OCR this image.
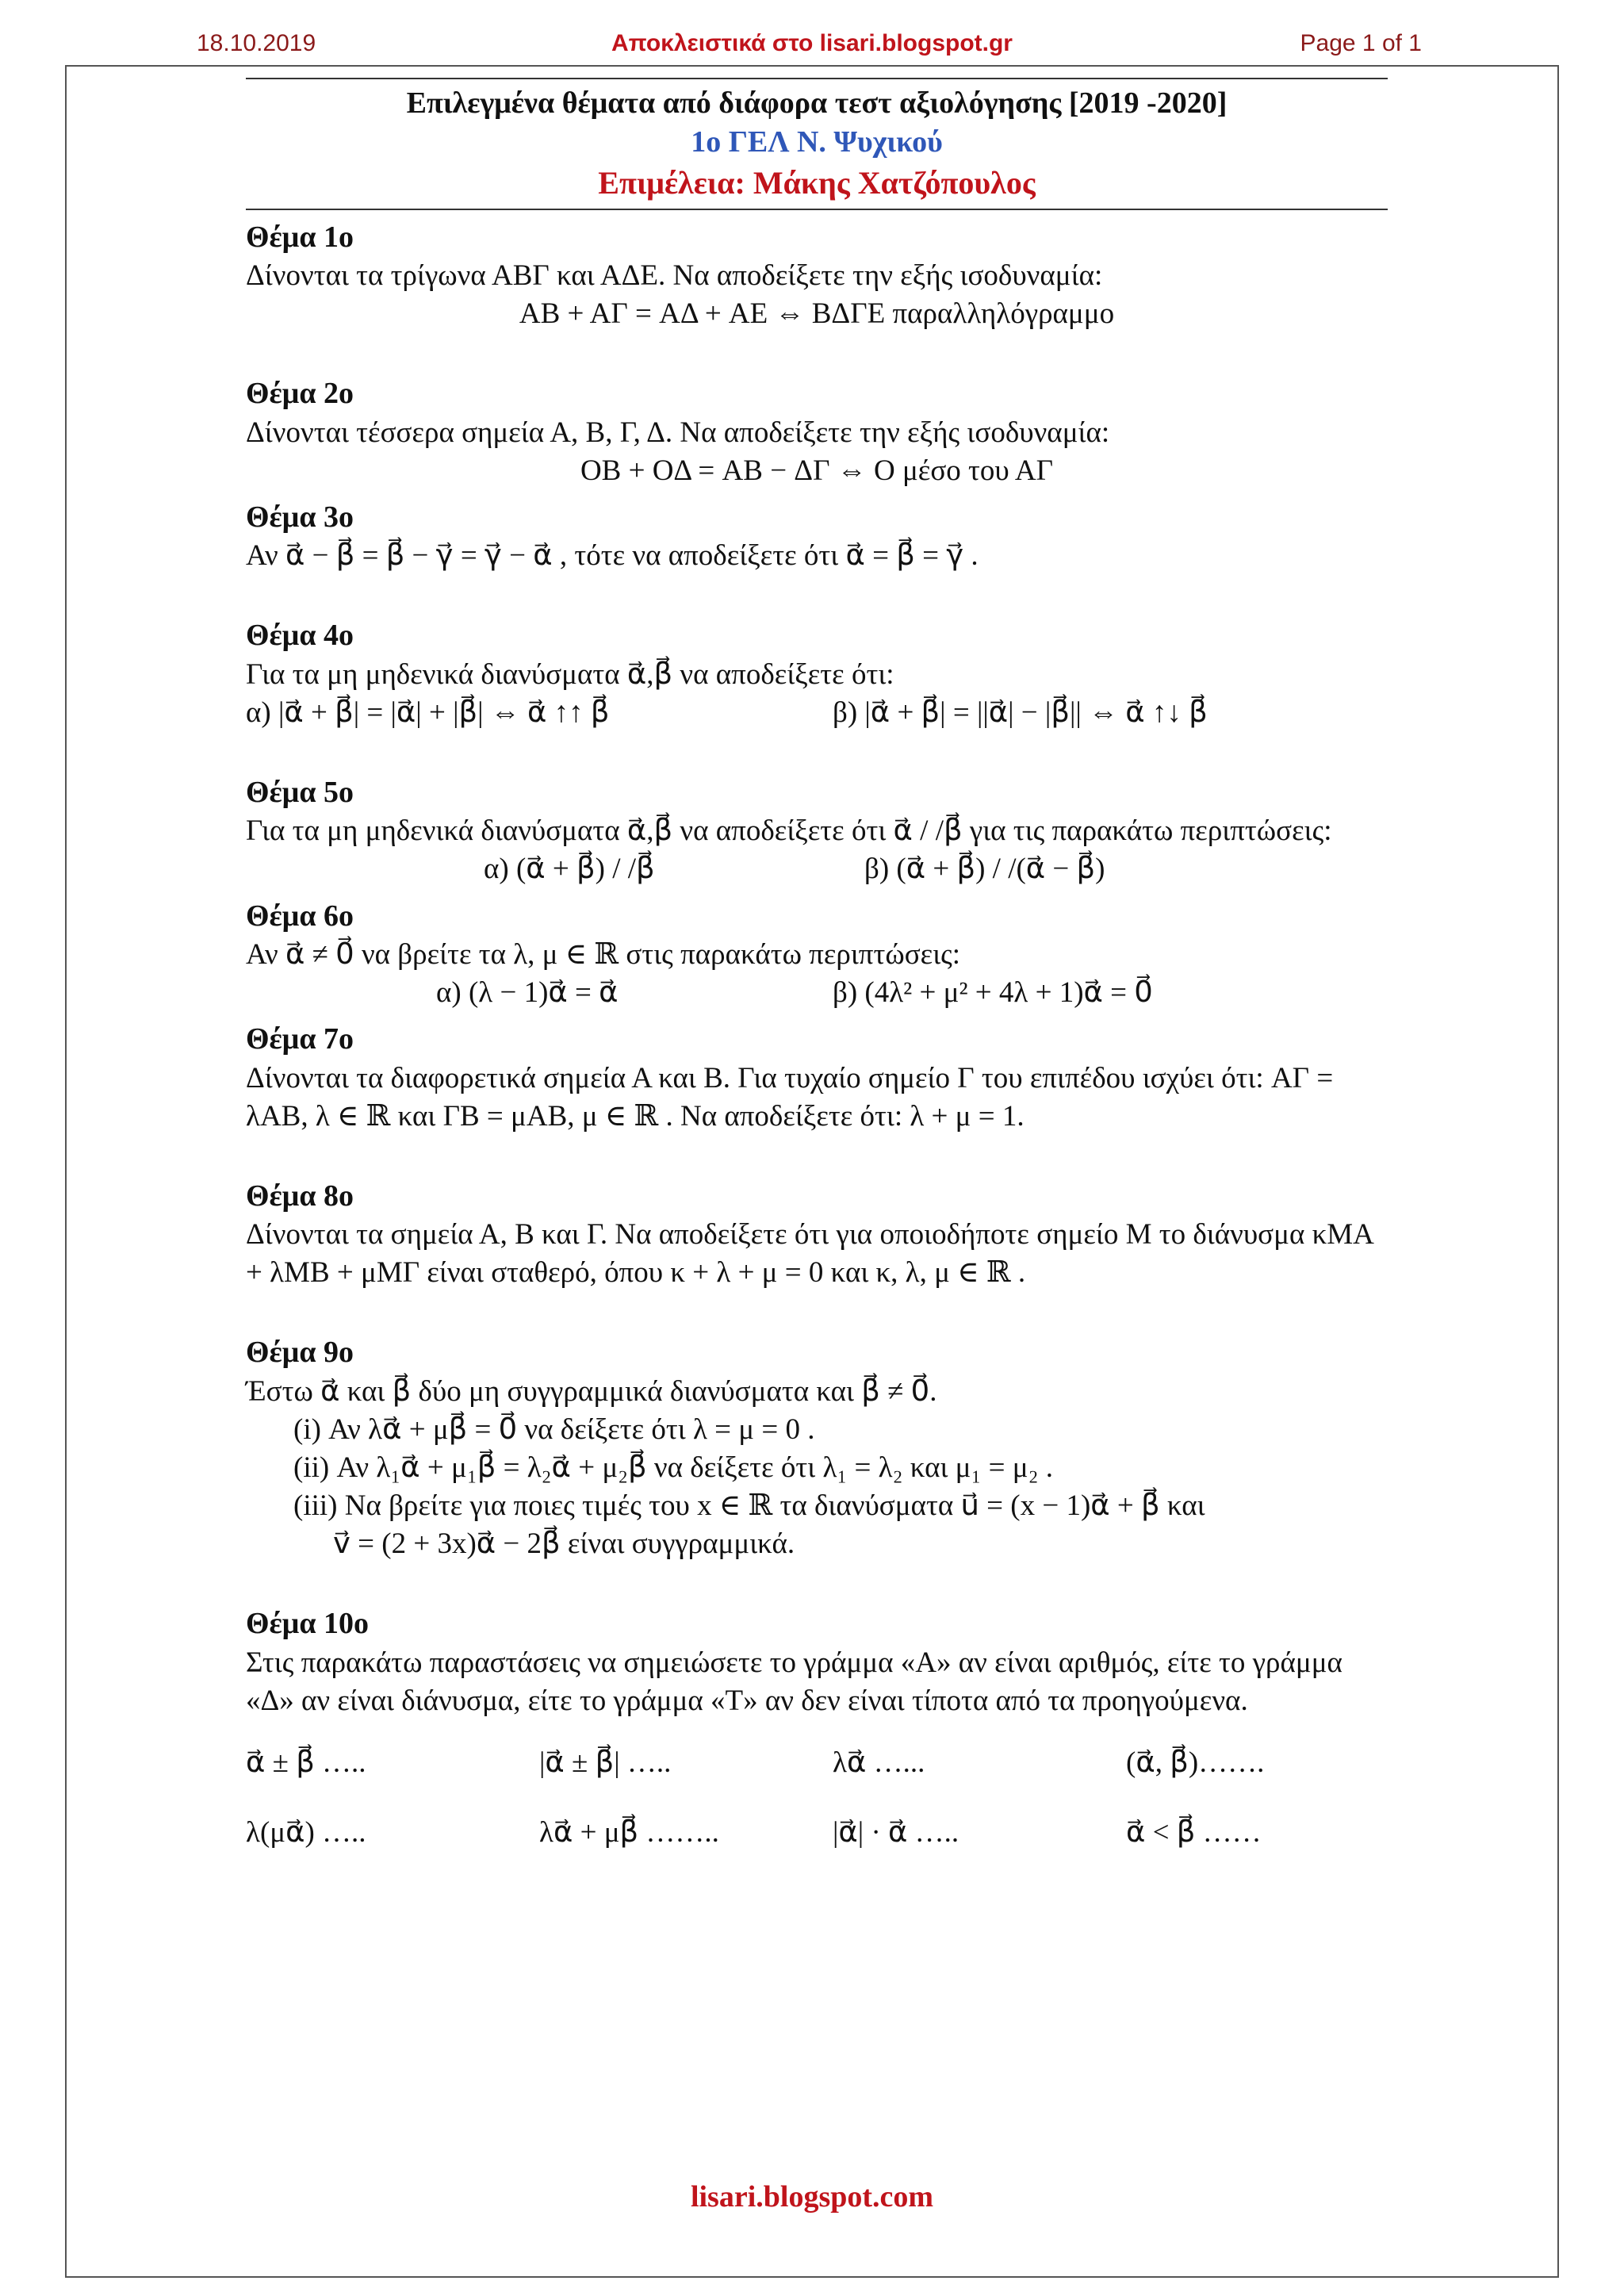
18.10.2019	Αποκλειστικά στο lisari.blogspot.gr	Page 1 of 1
Επιλεγμένα θέματα από διάφορα τεστ αξιολόγησης [2019 -2020]
1ο ΓΕΛ Ν. Ψυχικού
Επιμέλεια: Μάκης Χατζόπουλος
Θέμα 1ο
Δίνονται τα τρίγωνα ΑΒΓ και ΑΔΕ. Να αποδείξετε την εξής ισοδυναμία:
AB + AΓ = AΔ + AE ⇔ ΒΔΓΕ παραλληλόγραμμο
Θέμα 2ο
Δίνονται τέσσερα σημεία Α, Β, Γ, Δ. Να αποδείξετε την εξής ισοδυναμία:
OB + OΔ = AB − ΔΓ ⇔ O μέσο του ΑΓ
Θέμα 3ο
Αν α⃗ − β⃗ = β⃗ − γ⃗ = γ⃗ − α⃗ , τότε να αποδείξετε ότι α⃗ = β⃗ = γ⃗ .
Θέμα 4ο
Για τα μη μηδενικά διανύσματα α⃗,β⃗ να αποδείξετε ότι:
α) |α⃗ + β⃗| = |α⃗| + |β⃗| ⇔ α⃗ ↑↑ β⃗	β) |α⃗ + β⃗| = ||α⃗| − |β⃗|| ⇔ α⃗ ↑↓ β⃗
Θέμα 5ο
Για τα μη μηδενικά διανύσματα α⃗,β⃗ να αποδείξετε ότι α⃗ / /β⃗ για τις παρακάτω περιπτώσεις:
α) (α⃗ + β⃗) / /β⃗	β) (α⃗ + β⃗) / /(α⃗ − β⃗)
Θέμα 6ο
Αν α⃗ ≠ 0⃗ να βρείτε τα λ, μ ∈ ℝ στις παρακάτω περιπτώσεις:
α) (λ − 1)α⃗ = α⃗	β) (4λ² + μ² + 4λ + 1)α⃗ = 0⃗
Θέμα 7ο
Δίνονται τα διαφορετικά σημεία Α και Β. Για τυχαίο σημείο Γ του επιπέδου ισχύει ότι: AΓ = λAB, λ ∈ ℝ και ΓB = μAB, μ ∈ ℝ . Να αποδείξετε ότι: λ + μ = 1.
Θέμα 8ο
Δίνονται τα σημεία Α, Β και Γ. Να αποδείξετε ότι για οποιοδήποτε σημείο Μ το διάνυσμα κMA + λMB + μMΓ είναι σταθερό, όπου κ + λ + μ = 0 και κ, λ, μ ∈ ℝ .
Θέμα 9ο
Έστω α⃗ και β⃗ δύο μη συγγραμμικά διανύσματα και β⃗ ≠ 0⃗.
(i) Αν λα⃗ + μβ⃗ = 0⃗ να δείξετε ότι λ = μ = 0 .
(ii) Αν λ₁α⃗ + μ₁β⃗ = λ₂α⃗ + μ₂β⃗ να δείξετε ότι λ₁ = λ₂ και μ₁ = μ₂ .
(iii) Να βρείτε για ποιες τιμές του x ∈ ℝ τα διανύσματα u⃗ = (x − 1)α⃗ + β⃗ και
v⃗ = (2 + 3x)α⃗ − 2β⃗ είναι συγγραμμικά.
Θέμα 10ο
Στις παρακάτω παραστάσεις να σημειώσετε το γράμμα «Α» αν είναι αριθμός, είτε το γράμμα «Δ» αν είναι διάνυσμα, είτε το γράμμα «Τ» αν δεν είναι τίποτα από τα προηγούμενα.
α⃗ ± β⃗ …..	|α⃗ ± β⃗| …..	λα⃗ …...	(α⃗, β⃗)…….
λ(μα⃗) …..	λα⃗ + μβ⃗ ……..	|α⃗| · α⃗ …..	α⃗ < β⃗ ……
lisari.blogspot.com
